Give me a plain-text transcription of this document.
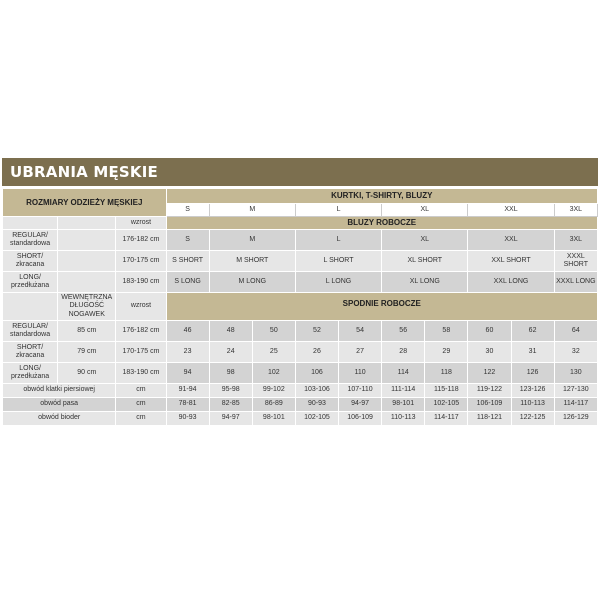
UBRANIA MĘSKIE
ROZMIARY ODZIEŻY MĘSKIEJ			KURTKI, T-SHIRTY, BLUZY									
			S	M		L		XL		XXL		3XL
		wzrost	BLUZY ROBOCZE									
REGULAR/ standardowa		176-182 cm	S	M		L		XL		XXL		3XL
SHORT/ zkracana		170-175 cm	S SHORT	M SHORT		L SHORT		XL SHORT		XXL SHORT		XXXL SHORT
LONG/ przedłużana		183-190 cm	S LONG	M LONG		L LONG		XL LONG		XXL LONG		XXXL LONG
	WEWNĘTRZNA DŁUGOŚĆ NOGAWEK	wzrost	SPODNIE ROBOCZE									
REGULAR/ standardowa	85 cm	176-182 cm	46	48	50	52	54	56	58	60	62	64
SHORT/ zkracana	79 cm	170-175 cm	23	24	25	26	27	28	29	30	31	32
LONG/ przedłużana	90 cm	183-190 cm	94	98	102	106	110	114	118	122	126	130
obwód klatki piersiowej		cm	91-94	95-98	99-102	103-106	107-110	111-114	115-118	119-122	123-126	127-130
obwód pasa		cm	78-81	82-85	86-89	90-93	94-97	98-101	102-105	106-109	110-113	114-117
obwód bioder		cm	90-93	94-97	98-101	102-105	106-109	110-113	114-117	118-121	122-125	126-129
